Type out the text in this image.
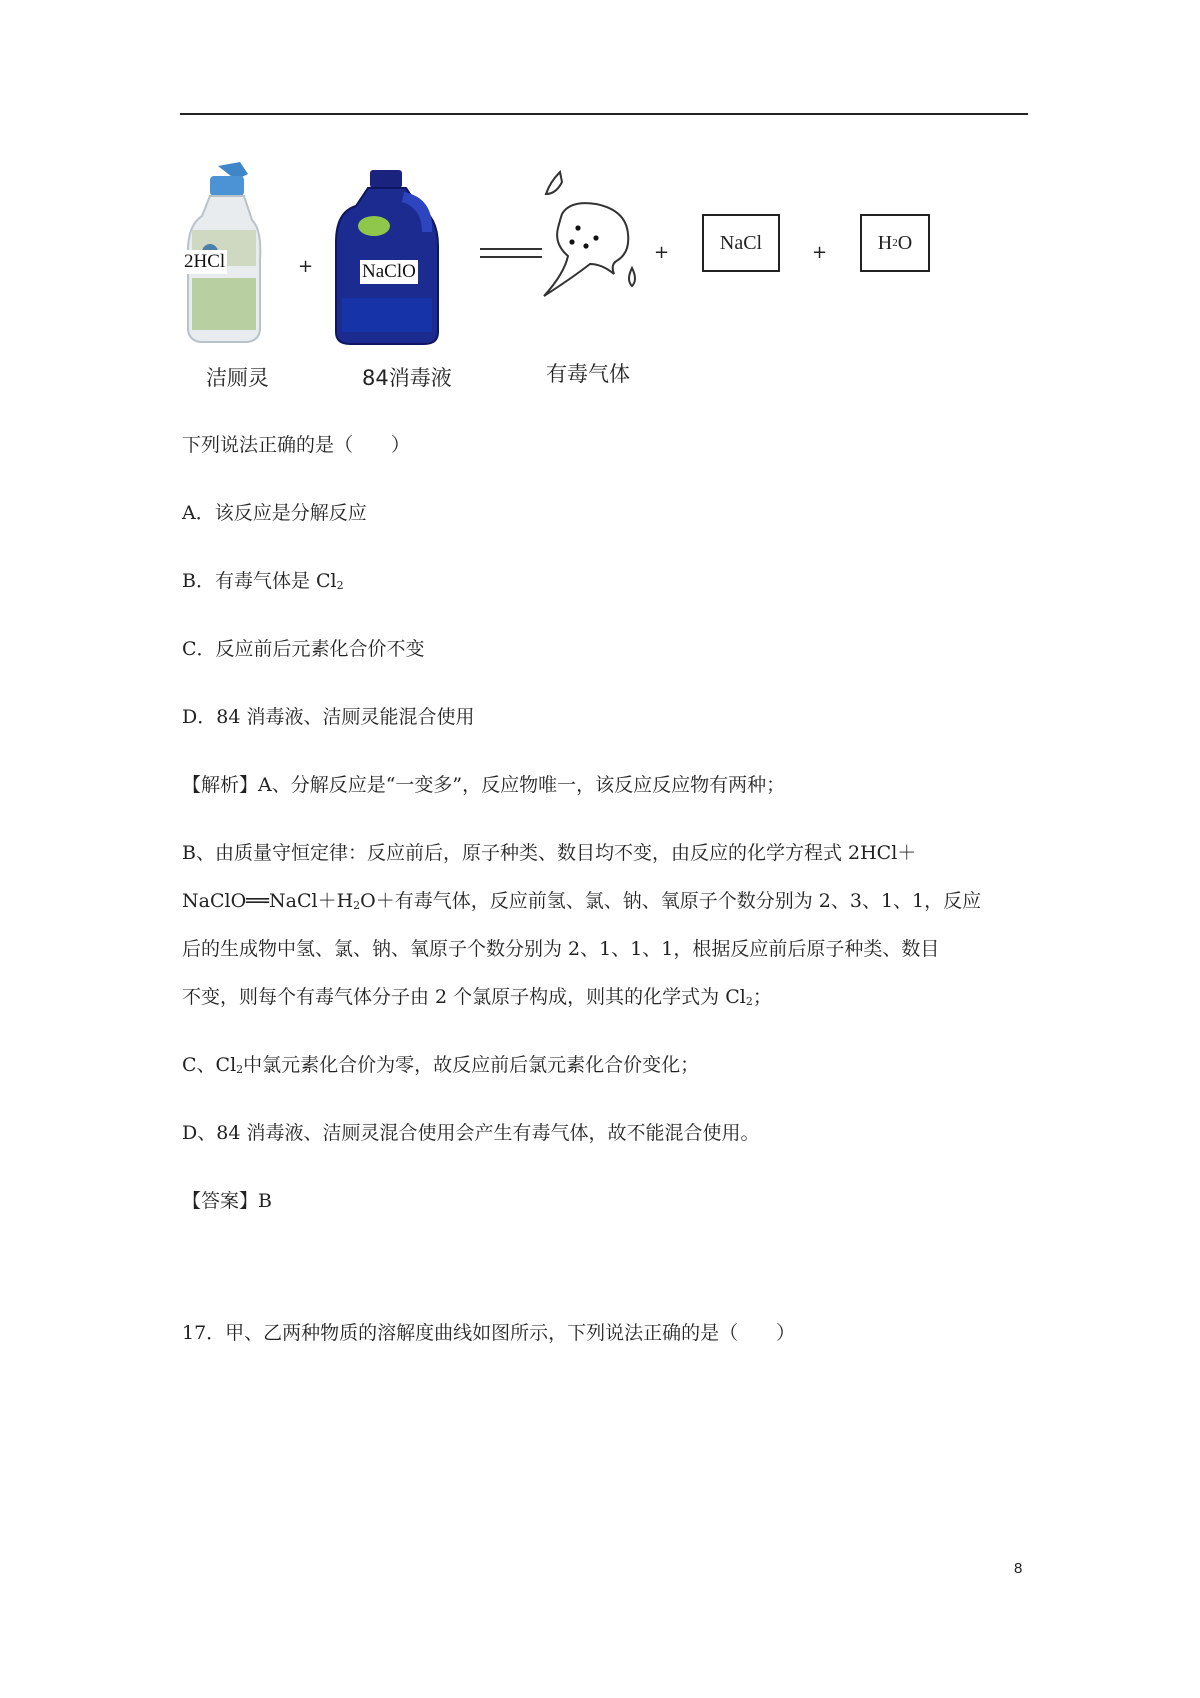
2HCl
洁厕灵
+	NaClO
84消毒液	有毒气体
+	NaCl	+	H 2 O
下列说法正确的是（　　）
A．该反应是分解反应
B．有毒气体是 $Cl_2$
C．反应前后元素化合价不变
D．84 消毒液、洁厕灵能混合使用
【解析】A、分解反应是“一变多”，反应物唯一，该反应反应物有两种；
B、由质量守恒定律：反应前后，原子种类、数目均不变，由反应的化学方程式 2HCl＋
$NaClO══NaCl+H_2O+$有毒气体，反应前氢、氯、钠、氧原子个数分别为 2、3、1、1，反应
后的生成物中氢、氯、钠、氧原子个数分别为 2、1、1、1，根据反应前后原子种类、数目
不变，则每个有毒气体分子由 2 个氯原子构成，则其的化学式为 $Cl_2$；
C、$Cl_2$中氯元素化合价为零，故反应前后氯元素化合价变化；
D、84 消毒液、洁厕灵混合使用会产生有毒气体，故不能混合使用。
【答案】B
17．甲、乙两种物质的溶解度曲线如图所示，下列说法正确的是（　　）
8
